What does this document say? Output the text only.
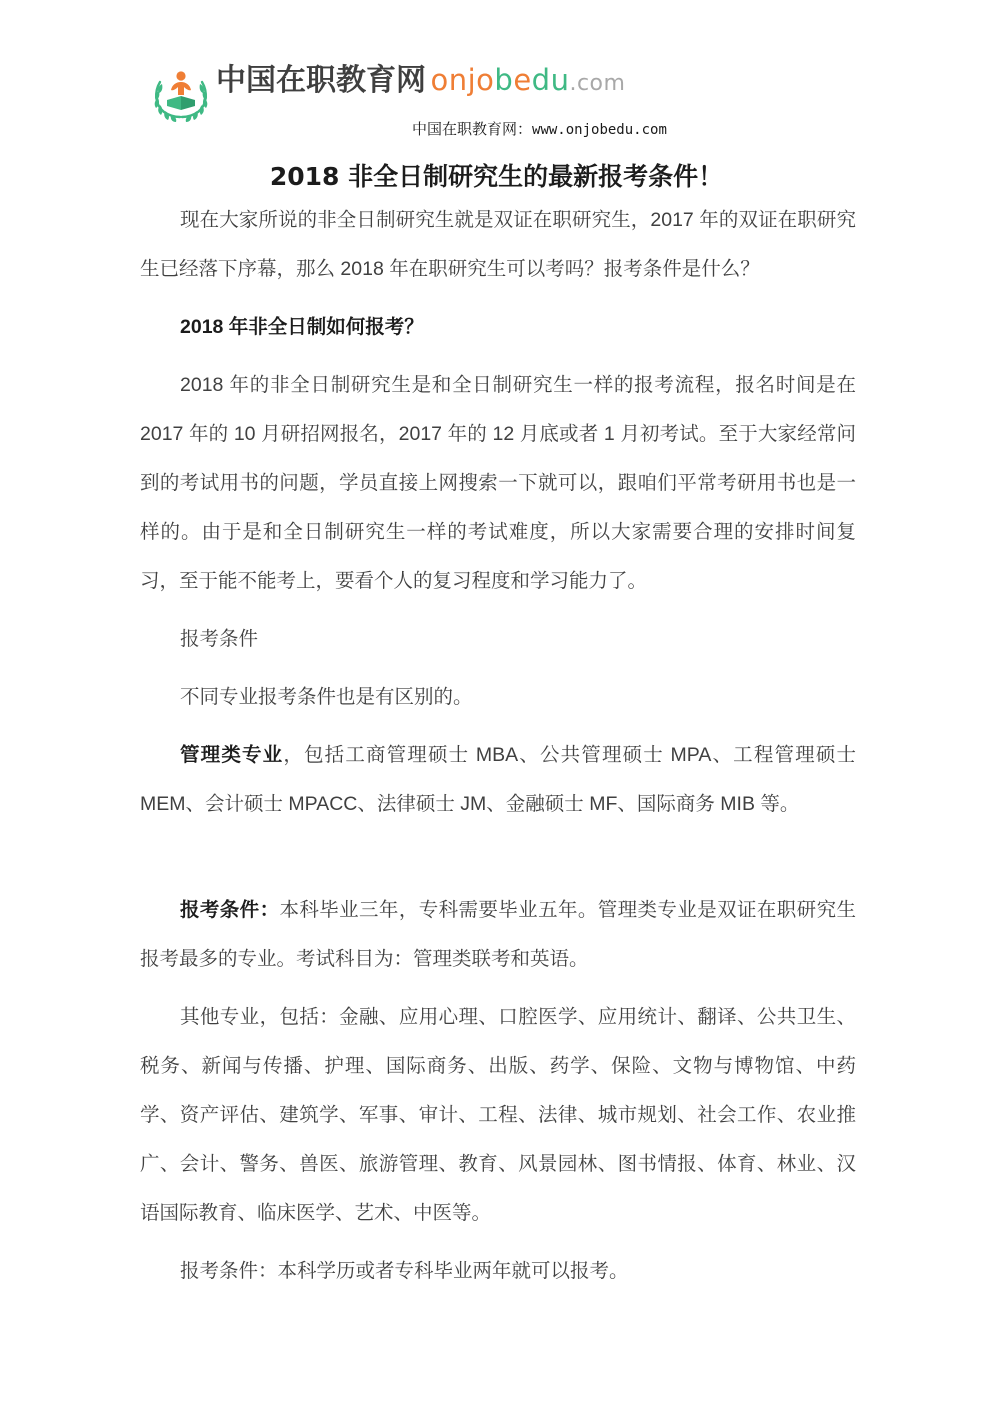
中国在职教育网 onjobedu.com
中国在职教育网：www.onjobedu.com
2018 非全日制研究生的最新报考条件！

现在大家所说的非全日制研究生就是双证在职研究生，2017 年的双证在职研究生已经落下序幕，那么 2018 年在职研究生可以考吗？报考条件是什么？

2018 年非全日制如何报考？

2018 年的非全日制研究生是和全日制研究生一样的报考流程，报名时间是在 2017 年的 10 月研招网报名，2017 年的 12 月底或者 1 月初考试。至于大家经常问到的考试用书的问题，学员直接上网搜索一下就可以，跟咱们平常考研用书也是一样的。由于是和全日制研究生一样的考试难度，所以大家需要合理的安排时间复习，至于能不能考上，要看个人的复习程度和学习能力了。

报考条件

不同专业报考条件也是有区别的。

管理类专业，包括工商管理硕士 MBA、公共管理硕士 MPA、工程管理硕士 MEM、会计硕士 MPACC、法律硕士 JM、金融硕士 MF、国际商务 MIB 等。

报考条件：本科毕业三年，专科需要毕业五年。管理类专业是双证在职研究生报考最多的专业。考试科目为：管理类联考和英语。

其他专业，包括：金融、应用心理、口腔医学、应用统计、翻译、公共卫生、税务、新闻与传播、护理、国际商务、出版、药学、保险、文物与博物馆、中药学、资产评估、建筑学、军事、审计、工程、法律、城市规划、社会工作、农业推广、会计、警务、兽医、旅游管理、教育、风景园林、图书情报、体育、林业、汉语国际教育、临床医学、艺术、中医等。

报考条件：本科学历或者专科毕业两年就可以报考。
